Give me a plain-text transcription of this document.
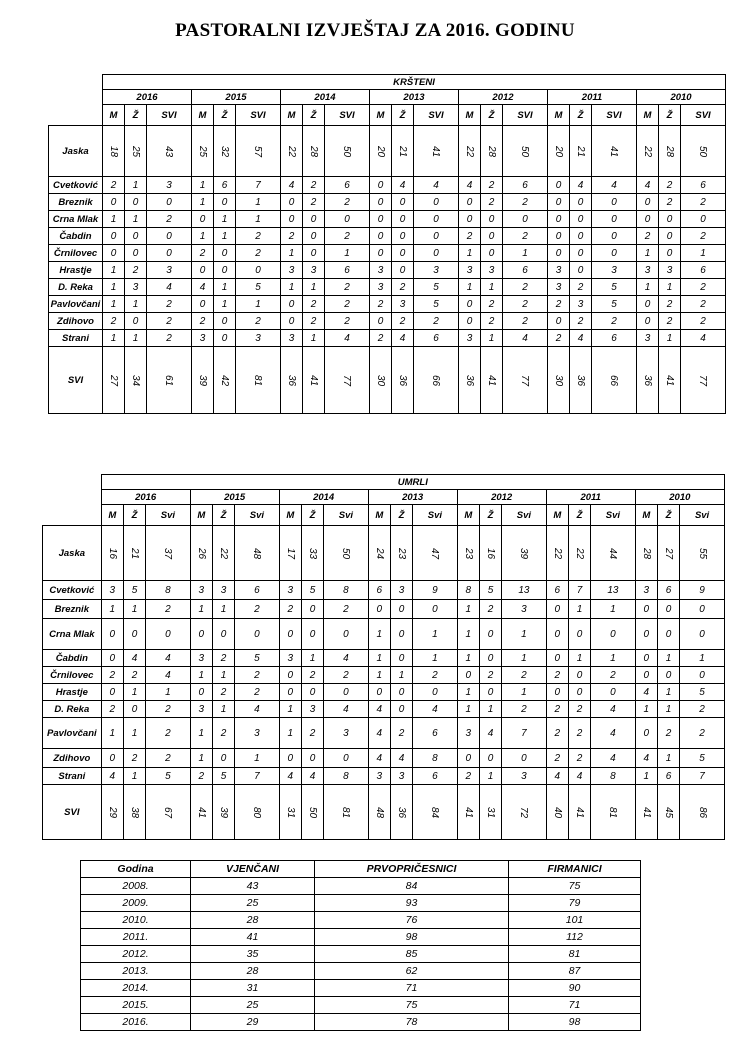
PASTORALNI IZVJEŠTAJ ZA 2016. GODINU
	KRŠTENI																				
	2016			2015			2014			2013			2012			2011			2010		
	M	Ž	SVI	M	Ž	SVI	M	Ž	SVI	M	Ž	SVI	M	Ž	SVI	M	Ž	SVI	M	Ž	SVI
Jaska	18	25	43	25	32	57	22	28	50	20	21	41	22	28	50	20	21	41	22	28	50
Cvetković	2	1	3	1	6	7	4	2	6	0	4	4	4	2	6	0	4	4	4	2	6
Breznik	0	0	0	1	0	1	0	2	2	0	0	0	0	2	2	0	0	0	0	2	2
Crna Mlak	1	1	2	0	1	1	0	0	0	0	0	0	0	0	0	0	0	0	0	0	0
Čabdin	0	0	0	1	1	2	2	0	2	0	0	0	2	0	2	0	0	0	2	0	2
Črnilovec	0	0	0	2	0	2	1	0	1	0	0	0	1	0	1	0	0	0	1	0	1
Hrastje	1	2	3	0	0	0	3	3	6	3	0	3	3	3	6	3	0	3	3	3	6
D. Reka	1	3	4	4	1	5	1	1	2	3	2	5	1	1	2	3	2	5	1	1	2
Pavlovčani	1	1	2	0	1	1	0	2	2	2	3	5	0	2	2	2	3	5	0	2	2
Zdihovo	2	0	2	2	0	2	0	2	2	0	2	2	0	2	2	0	2	2	0	2	2
Strani	1	1	2	3	0	3	3	1	4	2	4	6	3	1	4	2	4	6	3	1	4
SVI	27	34	61	39	42	81	36	41	77	30	36	66	36	41	77	30	36	66	36	41	77
	UMRLI																				
	2016			2015			2014			2013			2012			2011			2010		
	M	Ž	Svi	M	Ž	Svi	M	Ž	Svi	M	Ž	Svi	M	Ž	Svi	M	Ž	Svi	M	Ž	Svi
Jaska	16	21	37	26	22	48	17	33	50	24	23	47	23	16	39	22	22	44	28	27	55
Cvetković	3	5	8	3	3	6	3	5	8	6	3	9	8	5	13	6	7	13	3	6	9
Breznik	1	1	2	1	1	2	2	0	2	0	0	0	1	2	3	0	1	1	0	0	0
Crna Mlak	0	0	0	0	0	0	0	0	0	1	0	1	1	0	1	0	0	0	0	0	0
Čabdin	0	4	4	3	2	5	3	1	4	1	0	1	1	0	1	0	1	1	0	1	1
Črnilovec	2	2	4	1	1	2	0	2	2	1	1	2	0	2	2	2	0	2	0	0	0
Hrastje	0	1	1	0	2	2	0	0	0	0	0	0	1	0	1	0	0	0	4	1	5
D. Reka	2	0	2	3	1	4	1	3	4	4	0	4	1	1	2	2	2	4	1	1	2
Pavlovčani	1	1	2	1	2	3	1	2	3	4	2	6	3	4	7	2	2	4	0	2	2
Zdihovo	0	2	2	1	0	1	0	0	0	4	4	8	0	0	0	2	2	4	4	1	5
Strani	4	1	5	2	5	7	4	4	8	3	3	6	2	1	3	4	4	8	1	6	7
SVI	29	38	67	41	39	80	31	50	81	48	36	84	41	31	72	40	41	81	41	45	86
Godina	VJENČANI	PRVOPRIČESNICI	FIRMANICI
2008.	43	84	75
2009.	25	93	79
2010.	28	76	101
2011.	41	98	112
2012.	35	85	81
2013.	28	62	87
2014.	31	71	90
2015.	25	75	71
2016.	29	78	98
